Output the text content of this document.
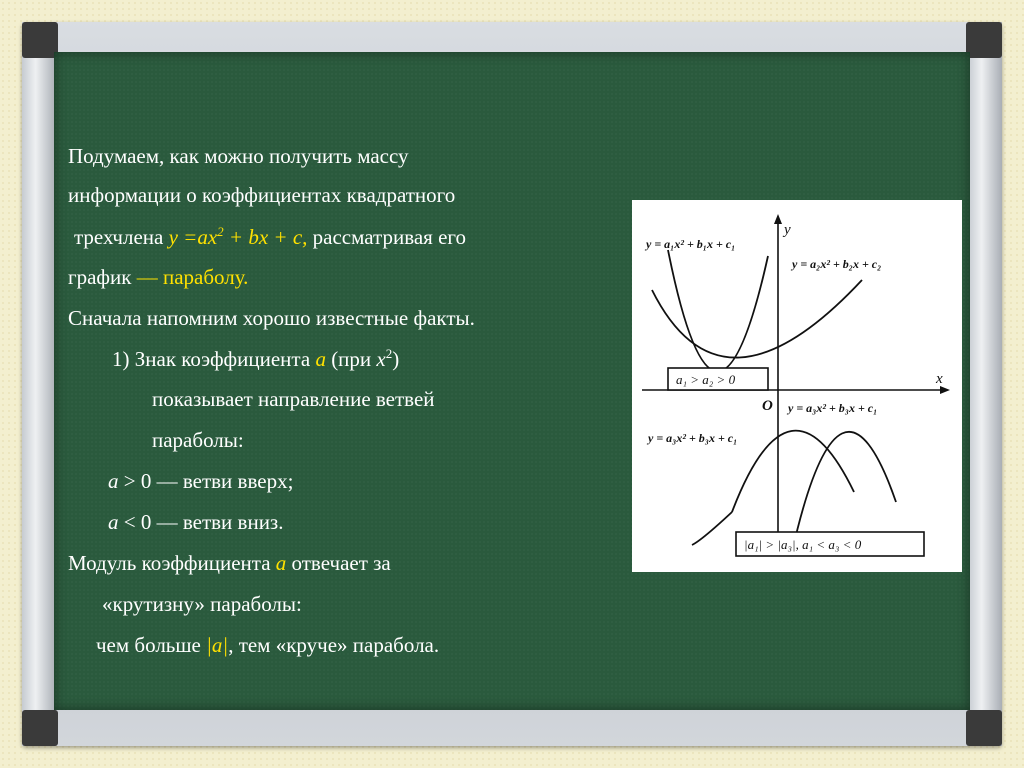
Подумаем, как можно получить массу
информации о коэффициентах квадратного
трехчлена $y =ax^2$ + bx + c, рассматривая его
график — параболу.
Сначала напомним хорошо известные факты.
1) Знак коэффициента a (при $x^2$)
показывает направление ветвей
параболы:
a > 0 — ветви вверх;
a < 0 — ветви вниз.
Модуль коэффициента a отвечает за
«крутизну» параболы:
чем больше |a|, тем «круче» парабола.
y
x
O
y = a₁x² + b₁x + c₁
y = a₂x² + b₂x + c₂
y = a₃x² + b₃x + c₁
y = a₃x² + b₃x + c₁
a₁ > a₂ > 0
|a₁| > |a₃|, a₁ < a₃ < 0
